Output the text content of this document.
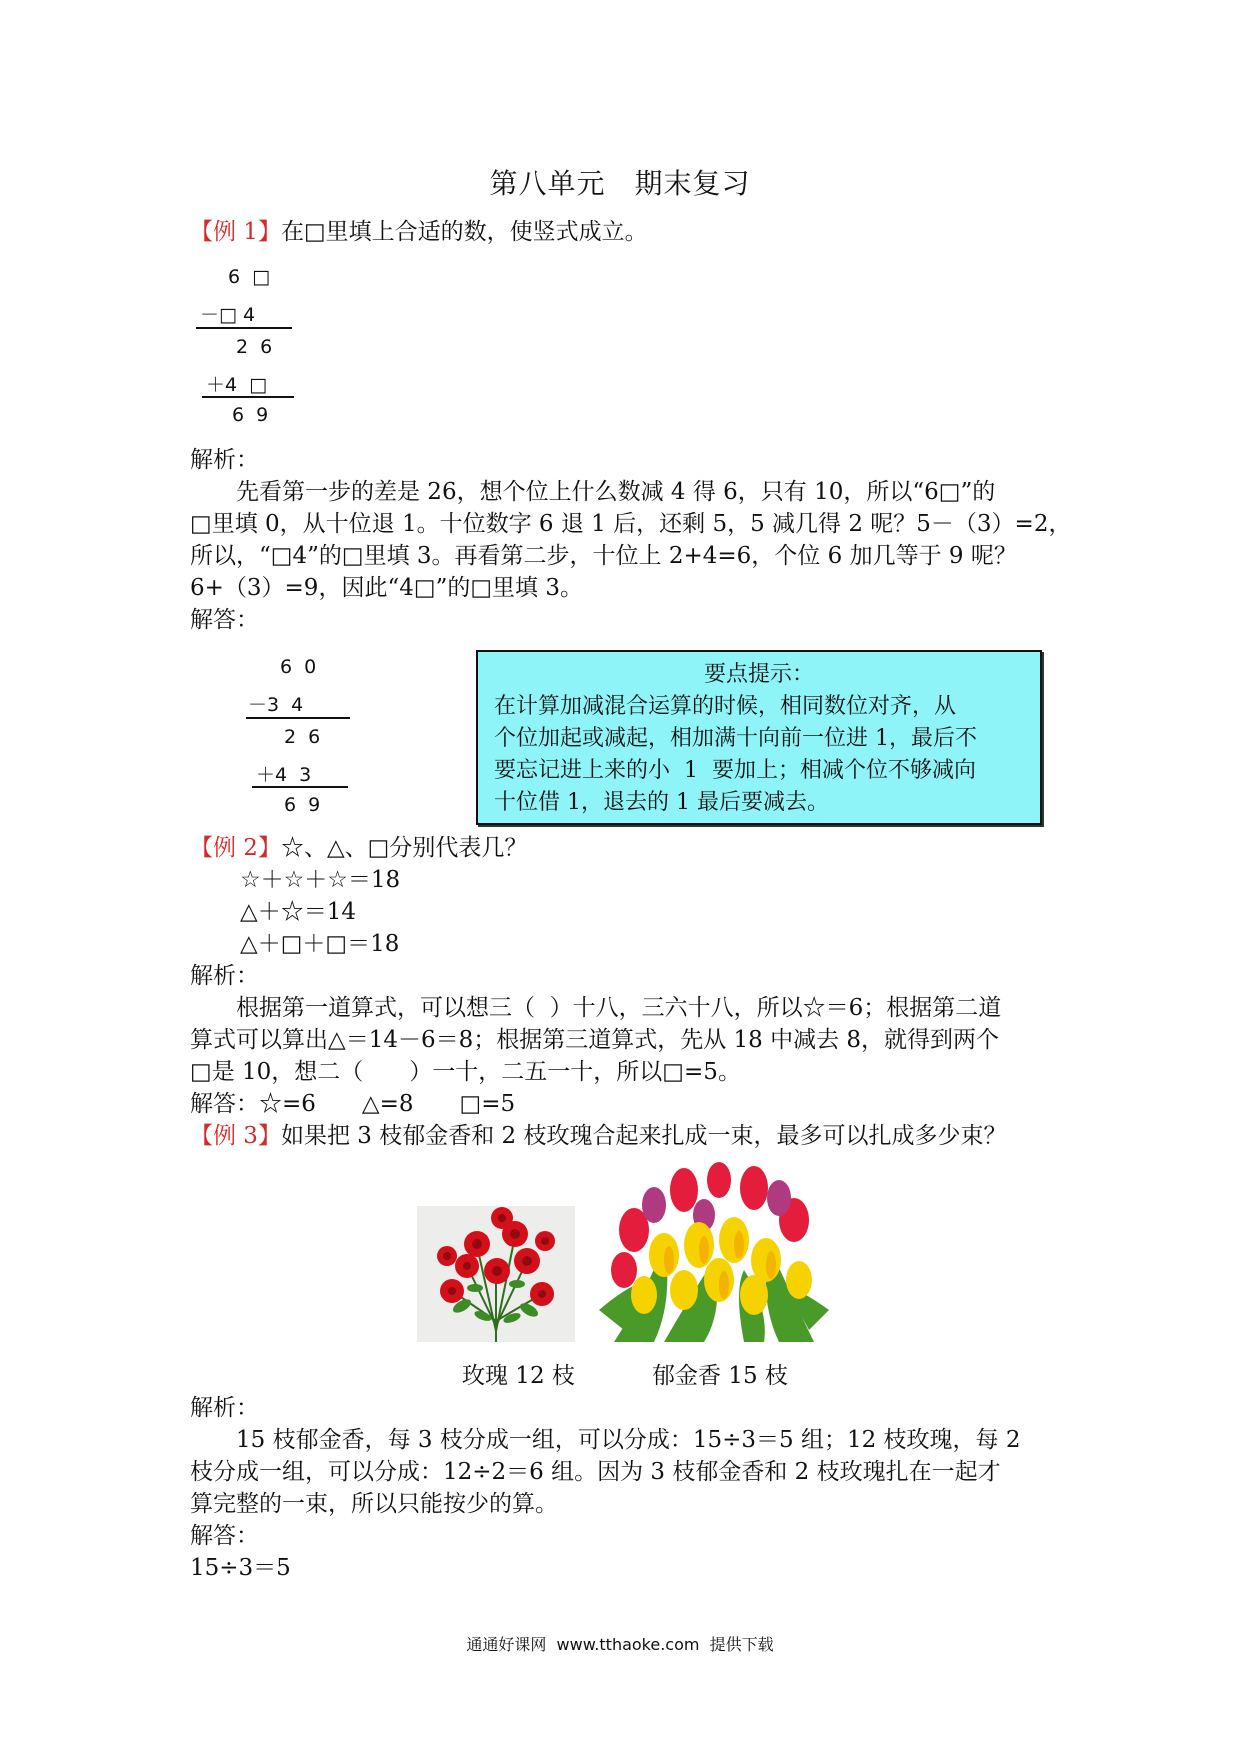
第八单元　期末复习
【例 1】在□里填上合适的数，使竖式成立。
6  □
－□ 4
2  6
＋4  □
6  9
解析：
　　先看第一步的差是 26，想个位上什么数减 4 得 6，只有 10，所以“6□”的
□里填 0，从十位退 1。十位数字 6 退 1 后，还剩 5，5 减几得 2 呢？5－（3）=2，
所以，“□4”的□里填 3。再看第二步，十位上 2+4=6，个位 6 加几等于 9 呢？
6+（3）=9，因此“4□”的□里填 3。
解答：
6  0
－3  4
2  6
＋4  3
6  9
要点提示：
在计算加减混合运算的时候，相同数位对齐，从
个位加起或减起，相加满十向前一位进 1，最后不
要忘记进上来的小  1  要加上；相减个位不够减向
十位借 1，退去的 1 最后要减去。
【例 2】☆、△、□分别代表几？
☆＋☆＋☆＝18
△＋☆＝14
△＋□＋□＝18
解析：
　　根据第一道算式，可以想三（  ）十八，三六十八，所以☆＝6；根据第二道
算式可以算出△＝14－6＝8；根据第三道算式，先从 18 中减去 8，就得到两个
□是 10，想二（　　）一十，二五一十，所以□=5。
解答：☆=6　　△=8　　□=5
【例 3】如果把 3 枝郁金香和 2 枝玫瑰合起来扎成一束，最多可以扎成多少束？
玫瑰 12 枝	郁金香 15 枝
解析：
　　15 枝郁金香，每 3 枝分成一组，可以分成：15÷3＝5 组；12 枝玫瑰，每 2
枝分成一组，可以分成：12÷2＝6 组。因为 3 枝郁金香和 2 枝玫瑰扎在一起才
算完整的一束，所以只能按少的算。
解答：
15÷3＝5
通通好课网  www.tthaoke.com  提供下载
